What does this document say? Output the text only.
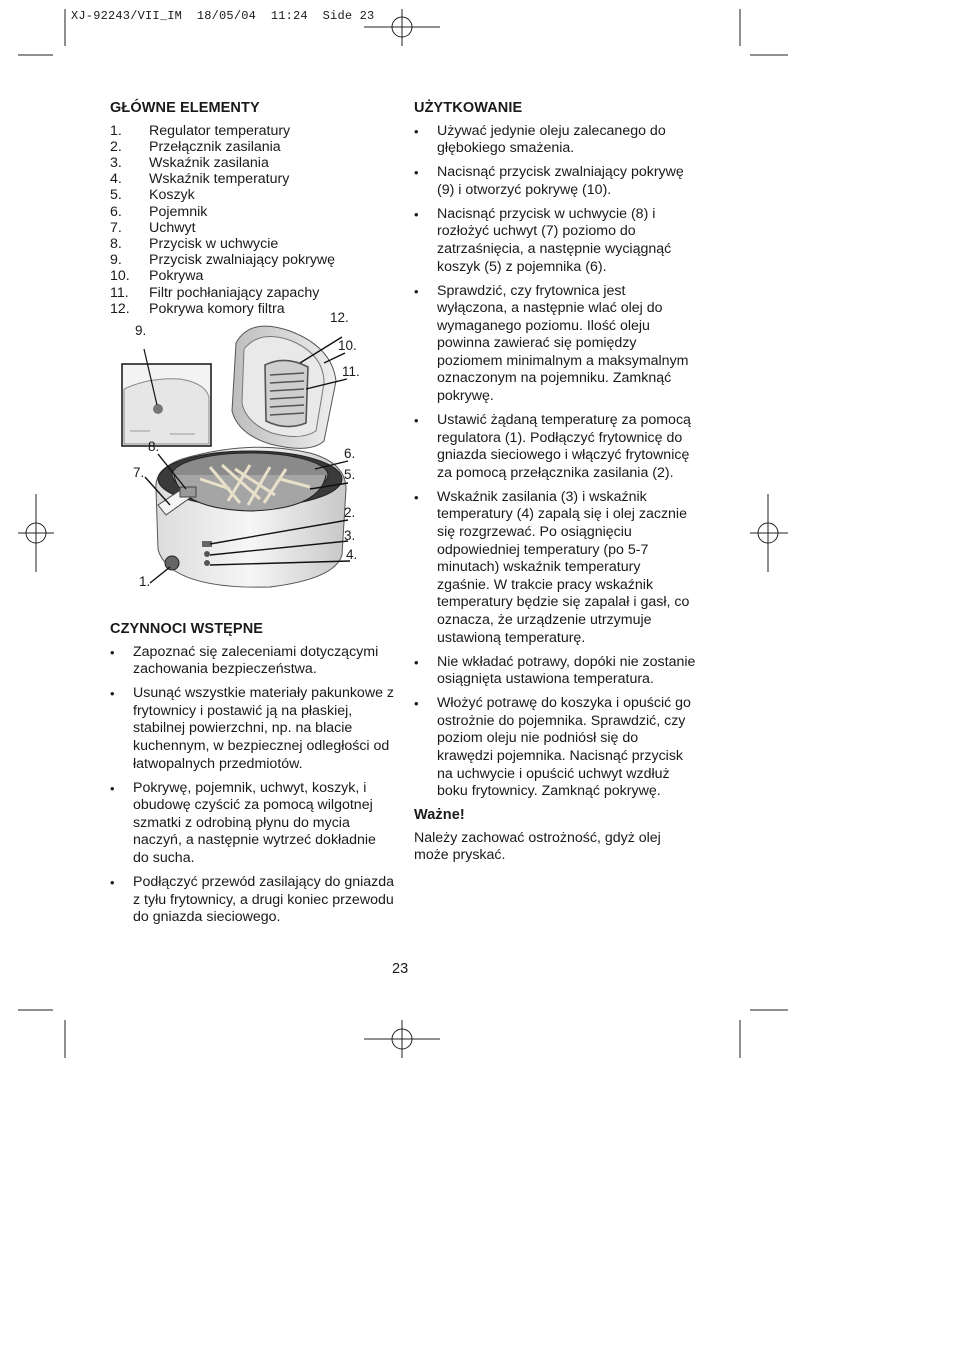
XJ-92243/VII_IM  18/05/04  11:24  Side 23
GŁÓWNE ELEMENTY
1.	Regulator temperatury
2.	Przełącznik zasilania
3.	Wskaźnik zasilania
4.	Wskaźnik temperatury
5.	Koszyk
6.	Pojemnik
7.	Uchwyt
8.	Przycisk w uchwycie
9.	Przycisk zwalniający pokrywę
10.	Pokrywa
11.	Filtr pochłaniający zapachy
12.	Pokrywa komory filtra
9.
12.
10.
11.
8.
7.
6.
5.
2.
3.
4.
1.
CZYNNOCI WSTĘPNE
•	Zapoznać się zaleceniami dotyczącymi zachowania bezpieczeństwa.
•	Usunąć wszystkie materiały pakunkowe z frytownicy i postawić ją na płaskiej, stabilnej powierzchni, np. na blacie kuchennym, w bezpiecznej odległości od łatwopalnych przedmiotów.
•	Pokrywę, pojemnik, uchwyt, koszyk, i obudowę czyścić za pomocą wilgotnej szmatki z odrobiną płynu do mycia naczyń, a następnie wytrzeć dokładnie do sucha.
•	Podłączyć przewód zasilający do gniazda z tyłu frytownicy, a drugi koniec przewodu do gniazda sieciowego.
UŻYTKOWANIE
•	Używać jedynie oleju zalecanego do głębokiego smażenia.
•	Nacisnąć przycisk zwalniający pokrywę (9) i otworzyć pokrywę (10).
•	Nacisnąć przycisk w uchwycie (8) i rozłożyć uchwyt (7) poziomo do zatrzaśnięcia, a następnie wyciągnąć koszyk (5) z pojemnika (6).
•	Sprawdzić, czy frytownica jest wyłączona, a następnie wlać olej do wymaganego poziomu. Ilość oleju powinna zawierać się pomiędzy poziomem minimalnym a maksymalnym oznaczonym na pojemniku. Zamknąć pokrywę.
•	Ustawić żądaną temperaturę za pomocą regulatora (1). Podłączyć frytownicę do gniazda sieciowego i włączyć frytownicę za pomocą przełącznika zasilania (2).
•	Wskaźnik zasilania (3) i wskaźnik temperatury (4) zapalą się i olej zacznie się rozgrzewać. Po osiągnięciu odpowiedniej temperatury (po 5-7 minutach) wskaźnik temperatury zgaśnie. W trakcie pracy wskaźnik temperatury będzie się zapalał i gasł, co oznacza, że urządzenie utrzymuje ustawioną temperaturę.
•	Nie wkładać potrawy, dopóki nie zostanie osiągnięta ustawiona temperatura.
•	Włożyć potrawę do koszyka i opuścić go ostrożnie do pojemnika. Sprawdzić, czy poziom oleju nie podniósł się do krawędzi pojemnika. Nacisnąć przycisk na uchwycie i opuścić uchwyt wzdłuż boku frytownicy. Zamknąć pokrywę.
Ważne!
Należy zachować ostrożność, gdyż olej może pryskać.
23
